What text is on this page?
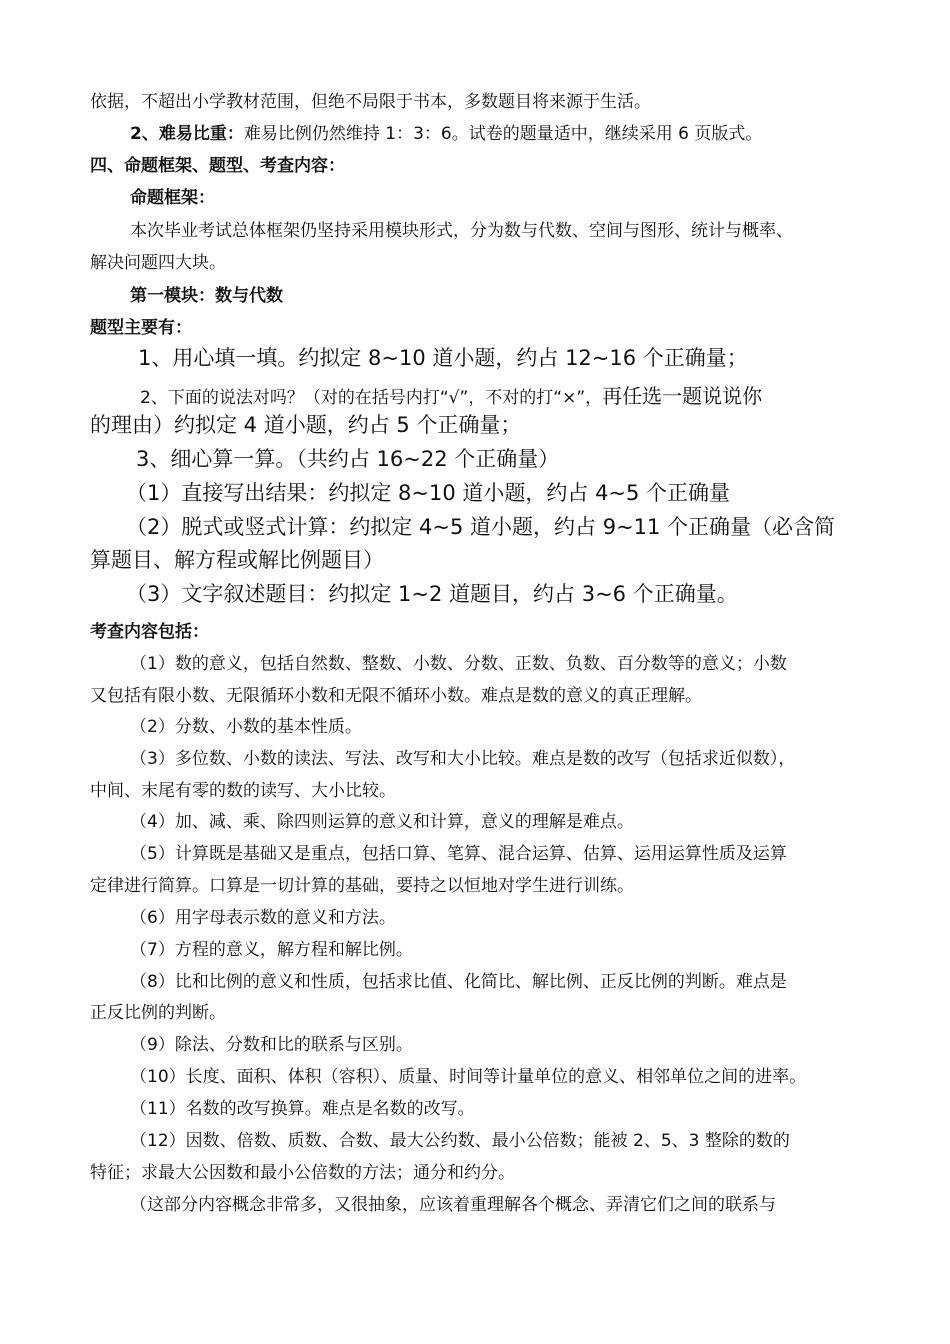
依据，不超出小学教材范围，但绝不局限于书本，多数题目将来源于生活。
2、难易比重：难易比例仍然维持 1：3：6。试卷的题量适中，继续采用 6 页版式。
四、命题框架、题型、考查内容：
命题框架：
本次毕业考试总体框架仍坚持采用模块形式，分为数与代数、空间与图形、统计与概率、
解决问题四大块。
第一模块：数与代数
题型主要有：
1、用心填一填。约拟定 8~10 道小题，约占 12~16 个正确量；
2、下面的说法对吗？（对的在括号内打“√”，不对的打“×”，再任选一题说说你
的理由）约拟定 4 道小题，约占 5 个正确量；
3、细心算一算。（共约占 16~22 个正确量）
（1）直接写出结果：约拟定 8~10 道小题，约占 4~5 个正确量
（2）脱式或竖式计算：约拟定 4~5 道小题，约占 9~11 个正确量（必含简
算题目、解方程或解比例题目）
（3）文字叙述题目：约拟定 1~2 道题目，约占 3~6 个正确量。
考查内容包括：
（1）数的意义，包括自然数、整数、小数、分数、正数、负数、百分数等的意义；小数
又包括有限小数、无限循环小数和无限不循环小数。难点是数的意义的真正理解。
（2）分数、小数的基本性质。
（3）多位数、小数的读法、写法、改写和大小比较。难点是数的改写（包括求近似数），
中间、末尾有零的数的读写、大小比较。
（4）加、减、乘、除四则运算的意义和计算，意义的理解是难点。
（5）计算既是基础又是重点，包括口算、笔算、混合运算、估算、运用运算性质及运算
定律进行简算。口算是一切计算的基础，要持之以恒地对学生进行训练。
（6）用字母表示数的意义和方法。
（7）方程的意义，解方程和解比例。
（8）比和比例的意义和性质，包括求比值、化简比、解比例、正反比例的判断。难点是
正反比例的判断。
（9）除法、分数和比的联系与区别。
（10）长度、面积、体积（容积）、质量、时间等计量单位的意义、相邻单位之间的进率。
（11）名数的改写换算。难点是名数的改写。
（12）因数、倍数、质数、合数、最大公约数、最小公倍数；能被 2、5、3 整除的数的
特征；求最大公因数和最小公倍数的方法；通分和约分。
（这部分内容概念非常多，又很抽象，应该着重理解各个概念、弄清它们之间的联系与
